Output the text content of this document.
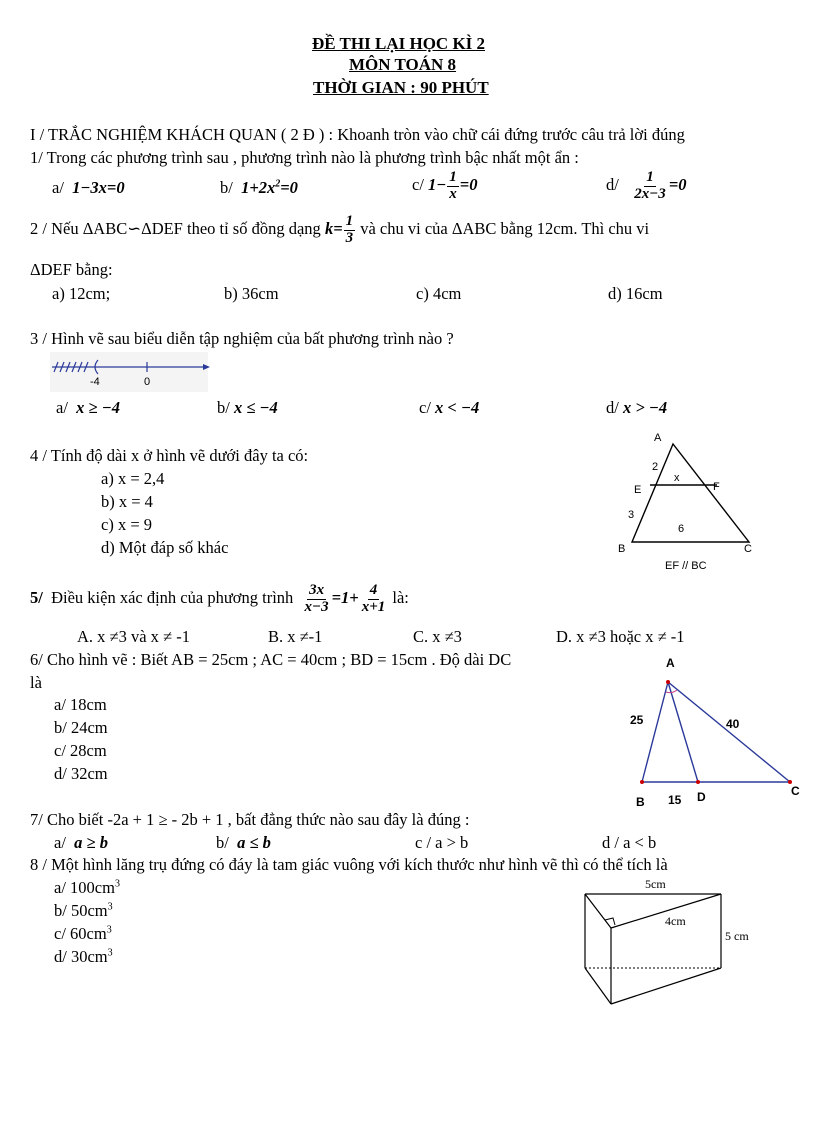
ĐỀ THI LẠI HỌC KÌ 2
MÔN TOÁN 8
THỜI GIAN : 90 PHÚT
I / TRẮC NGHIỆM KHÁCH QUAN ( 2 Đ ) : Khoanh tròn vào chữ cái đứng trước câu trả lời đúng
1/ Trong các phương trình sau , phương trình nào là phương trình bậc nhất một ẩn :
a/ 1−3x=0	b/ $1+2x^2=0$	c/ $1- \frac{1}{x} =0$	$d/ \frac{1}{2x-3} =0$
2 / Nếu ΔABC∽ΔDEF theo tỉ số đồng dạng $k= \frac{1}{3}$ và chu vi của ΔABC bằng 12cm. Thì chu vi
ΔDEF bằng:
a) 12cm;	b) 36cm	c) 4cm	d) 16cm
3 / Hình vẽ sau biểu diễn tập nghiệm của bất phương trình nào ?
-4	0
a/ x ≥ −4	b/ x ≤ −4	c/ x < −4	d/ x > −4
4 / Tính độ dài x ở hình vẽ dưới đây ta có:
a) x = 2,4
b) x = 4
c) x = 9
d) Một đáp số khác
A
E	F
B	C
2
3
x
6
EF // BC
5/ Điều kiện xác định của phương trình $\frac{3x}{x-3} =1+ \frac{4}{x+1}$ là:
A. x ≠3 và x ≠ -1	B. x ≠-1	C. x ≠3	D. x ≠3 hoặc x ≠ -1
6/ Cho hình vẽ : Biết AB = 25cm ; AC = 40cm ; BD = 15cm . Độ dài DC
là
a/ 18cm
b/ 24cm
c/ 28cm
d/ 32cm
A
B
C
D
25	40
15
7/ Cho biết -2a + 1 ≥ - 2b + 1 , bất đẳng thức nào sau đây là đúng :
a/ a ≥ b	b/ a ≤ b	c / a > b	d / a < b
8 / Một hình lăng trụ đứng có đáy là tam giác vuông với kích thước như hình vẽ thì có thể tích là
a/ $100cm^3$
b/ $50cm^3$
c/ $60cm^3$
d/ $30cm^3$
5cm
4cm
5 cm
